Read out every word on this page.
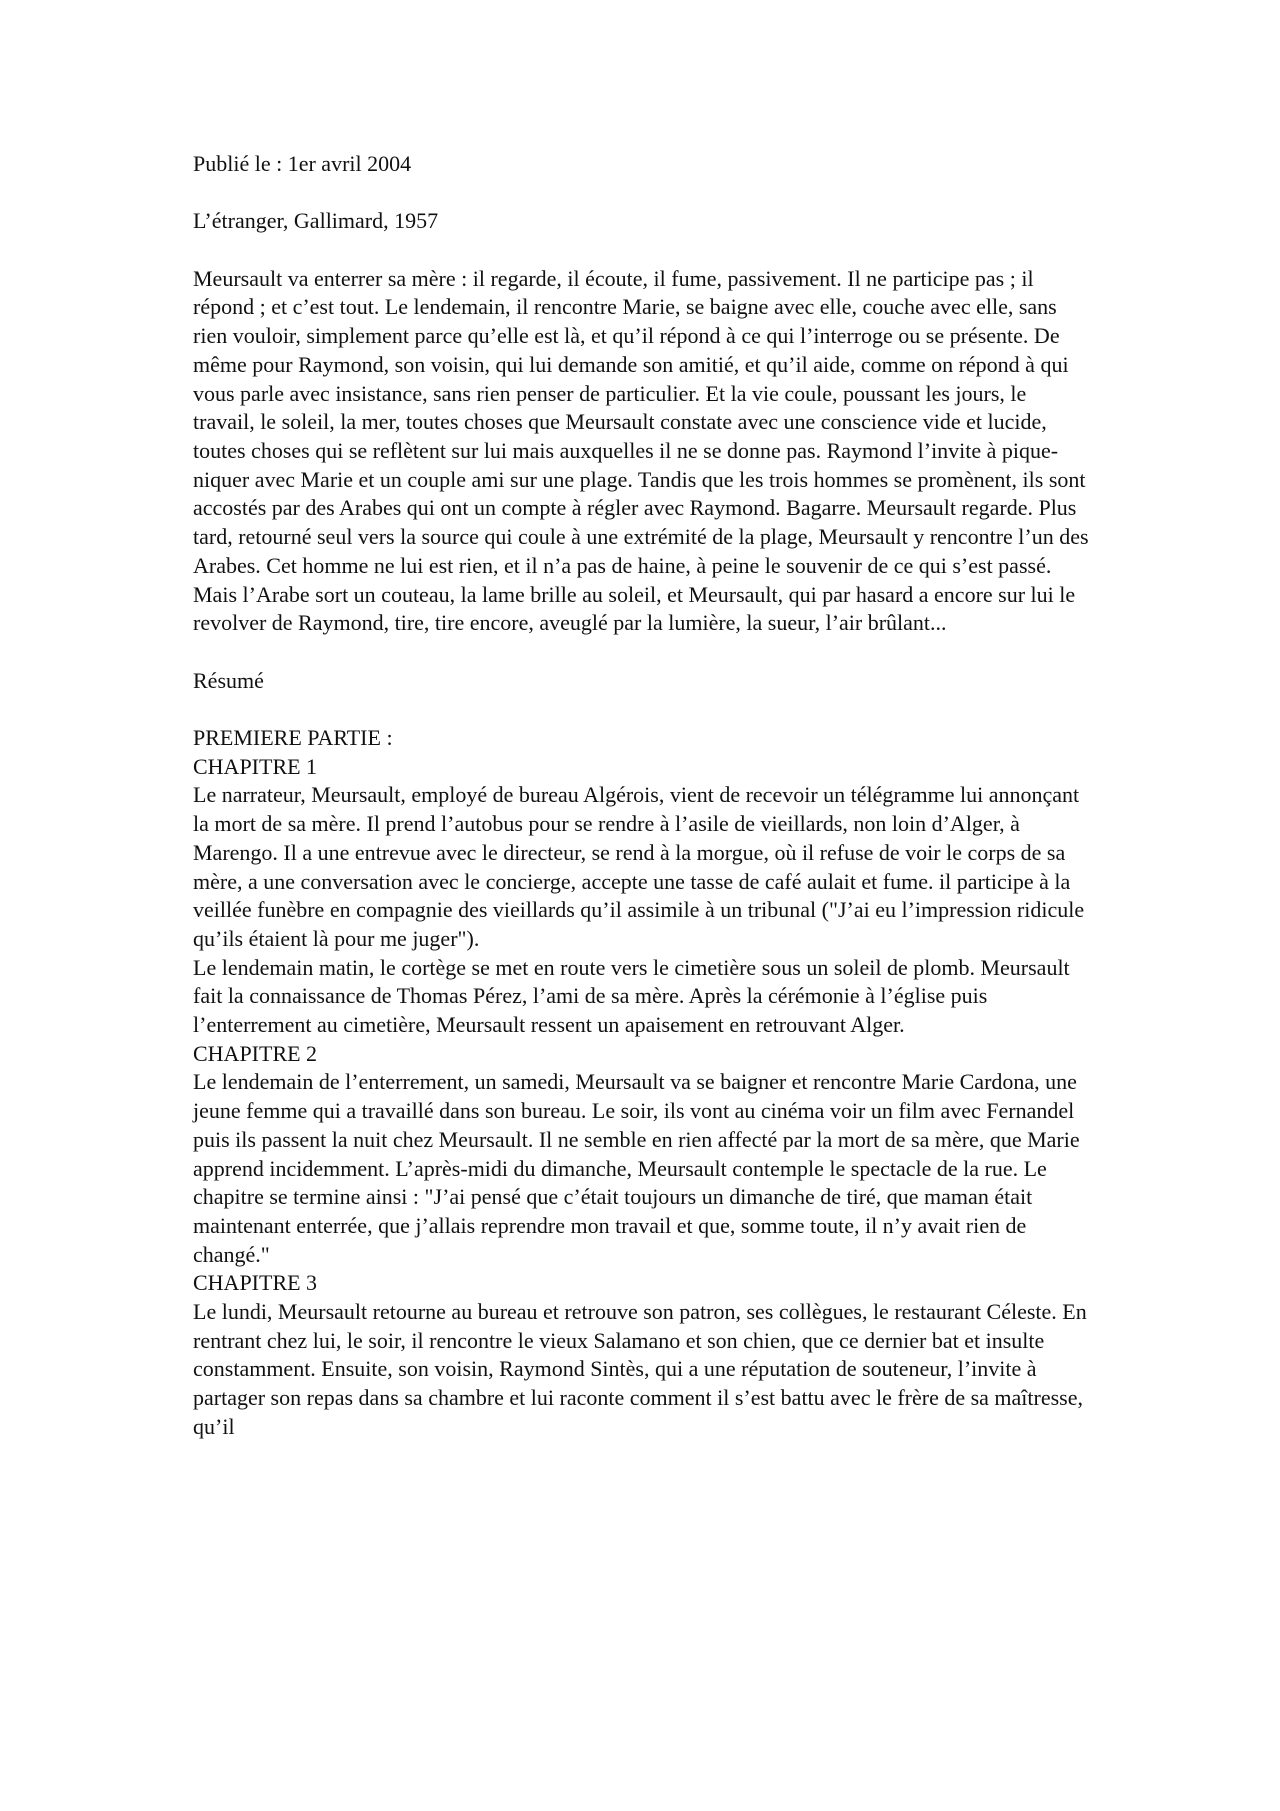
Publié le : 1er avril 2004

L’étranger, Gallimard, 1957

Meursault va enterrer sa mère : il regarde, il écoute, il fume, passivement. Il ne participe pas ; il répond ; et c’est tout. Le lendemain, il rencontre Marie, se baigne avec elle, couche avec elle, sans rien vouloir, simplement parce qu’elle est là, et qu’il répond à ce qui l’interroge ou se présente. De même pour Raymond, son voisin, qui lui demande son amitié, et qu’il aide, comme on répond à qui vous parle avec insistance, sans rien penser de particulier. Et la vie coule, poussant les jours, le travail, le soleil, la mer, toutes choses que Meursault constate avec une conscience vide et lucide, toutes choses qui se reflètent sur lui mais auxquelles il ne se donne pas. Raymond l’invite à pique-niquer avec Marie et un couple ami sur une plage. Tandis que les trois hommes se promènent, ils sont accostés par des Arabes qui ont un compte à régler avec Raymond. Bagarre. Meursault regarde. Plus tard, retourné seul vers la source qui coule à une extrémité de la plage, Meursault y rencontre l’un des Arabes. Cet homme ne lui est rien, et il n’a pas de haine, à peine le souvenir de ce qui s’est passé. Mais l’Arabe sort un couteau, la lame brille au soleil, et Meursault, qui par hasard a encore sur lui le revolver de Raymond, tire, tire encore, aveuglé par la lumière, la sueur, l’air brûlant...

Résumé

PREMIERE PARTIE :

CHAPITRE 1

Le narrateur, Meursault, employé de bureau Algérois, vient de recevoir un télégramme lui annonçant la mort de sa mère. Il prend l’autobus pour se rendre à l’asile de vieillards, non loin d’Alger, à Marengo. Il a une entrevue avec le directeur, se rend à la morgue, où il refuse de voir le corps de sa mère, a une conversation avec le concierge, accepte une tasse de café aulait et fume. il participe à la veillée funèbre en compagnie des vieillards qu’il assimile à un tribunal ("J’ai eu l’impression ridicule qu’ils étaient là pour me juger").

Le lendemain matin, le cortège se met en route vers le cimetière sous un soleil de plomb. Meursault fait la connaissance de Thomas Pérez, l’ami de sa mère. Après la cérémonie à l’église puis l’enterrement au cimetière, Meursault ressent un apaisement en retrouvant Alger.

CHAPITRE 2

Le lendemain de l’enterrement, un samedi, Meursault va se baigner et rencontre Marie Cardona, une jeune femme qui a travaillé dans son bureau. Le soir, ils vont au cinéma voir un film avec Fernandel puis ils passent la nuit chez Meursault. Il ne semble en rien affecté par la mort de sa mère, que Marie apprend incidemment. L’après-midi du dimanche, Meursault contemple le spectacle de la rue. Le chapitre se termine ainsi : "J’ai pensé que c’était toujours un dimanche de tiré, que maman était maintenant enterrée, que j’allais reprendre mon travail et que, somme toute, il n’y avait rien de changé."

CHAPITRE 3

Le lundi, Meursault retourne au bureau et retrouve son patron, ses collègues, le restaurant Céleste. En rentrant chez lui, le soir, il rencontre le vieux Salamano et son chien, que ce dernier bat et insulte constamment. Ensuite, son voisin, Raymond Sintès, qui a une réputation de souteneur, l’invite à partager son repas dans sa chambre et lui raconte comment il s’est battu avec le frère de sa maîtresse, qu’il
